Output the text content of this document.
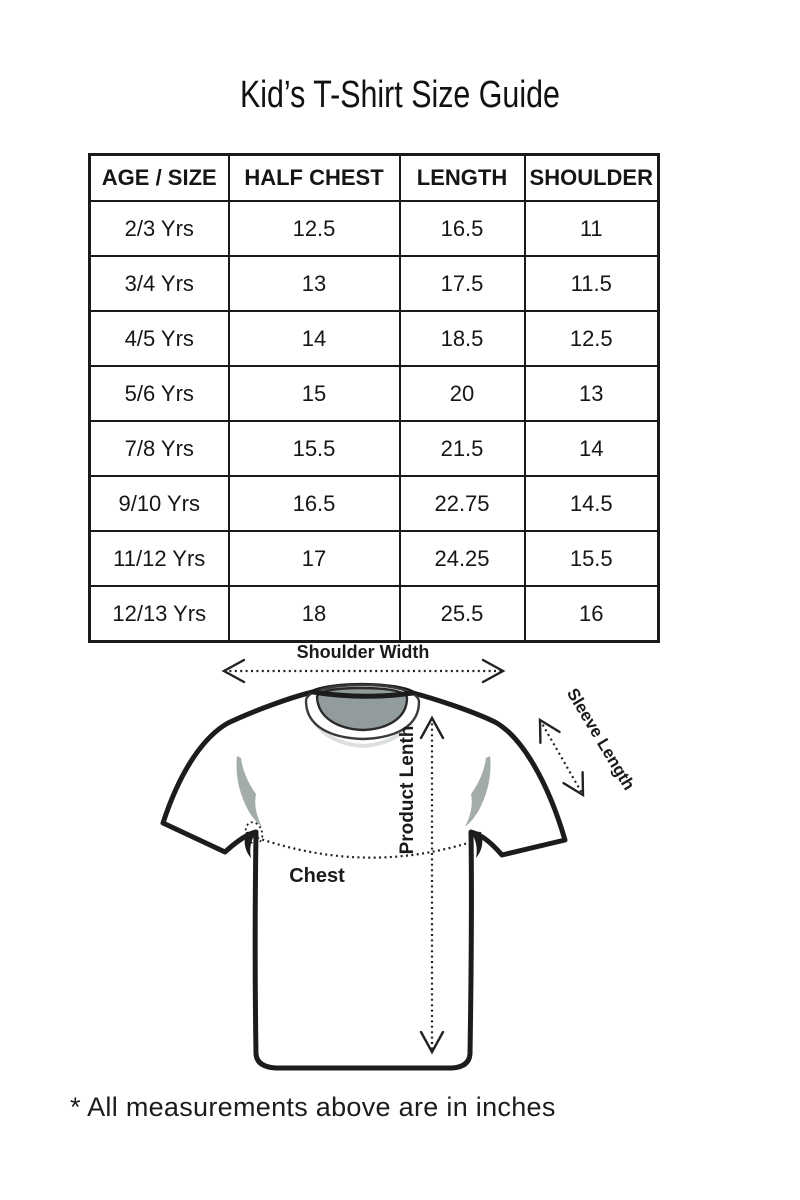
Kid’s T-Shirt Size Guide
AGE / SIZE	HALF CHEST	LENGTH	SHOULDER
2/3 Yrs	12.5	16.5	11
3/4 Yrs	13	17.5	11.5
4/5 Yrs	14	18.5	12.5
5/6 Yrs	15	20	13
7/8 Yrs	15.5	21.5	14
9/10 Yrs	16.5	22.75	14.5
11/12 Yrs	17	24.25	15.5
12/13 Yrs	18	25.5	16
Shoulder Width
Product Lenth
Chest
Sleeve Length
* All measurements above are in inches
